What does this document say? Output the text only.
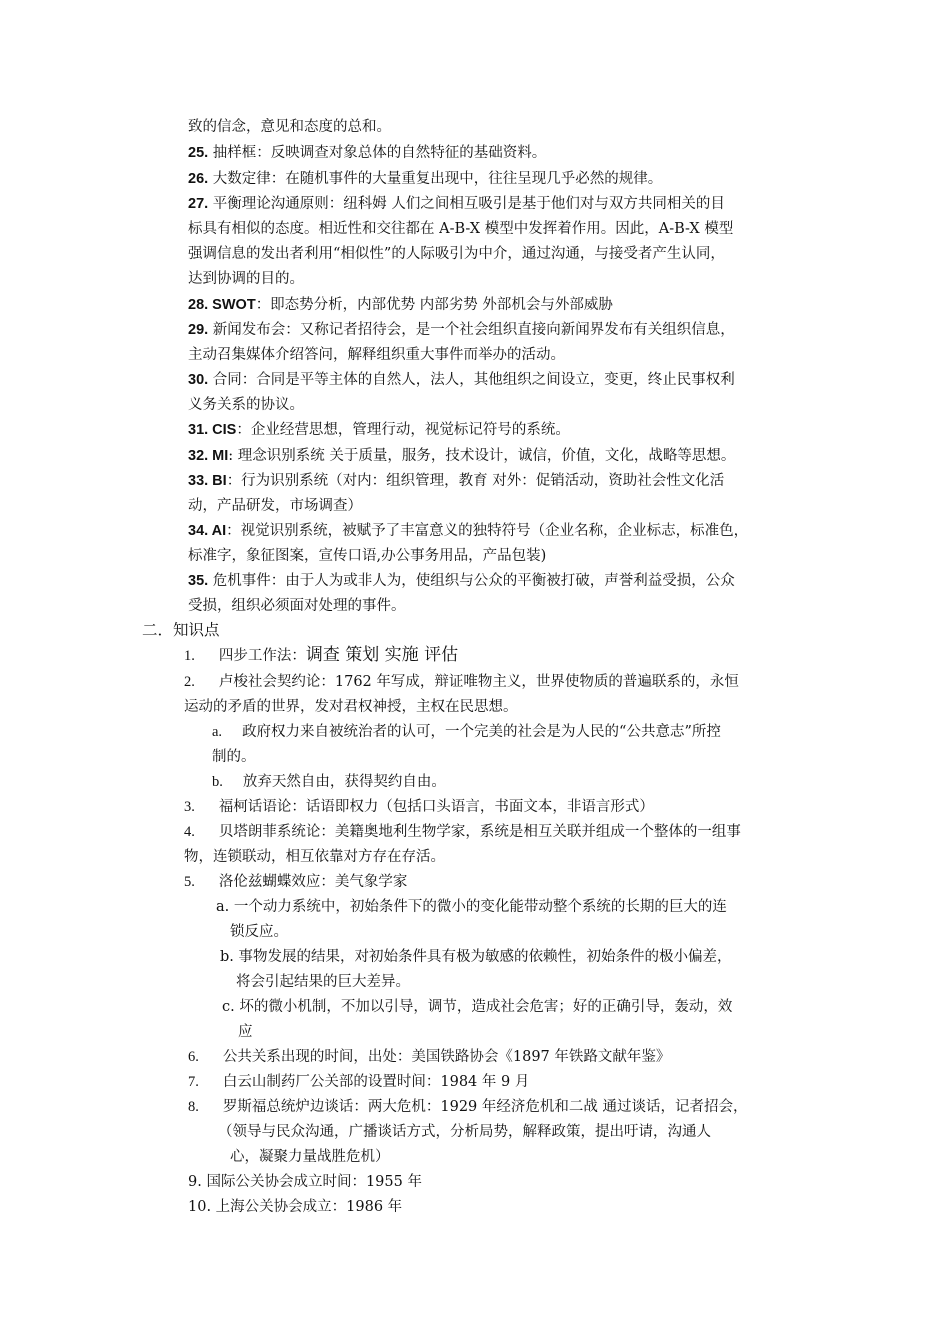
致的信念，意见和态度的总和。
25. 抽样框：反映调查对象总体的自然特征的基础资料。
26. 大数定律：在随机事件的大量重复出现中，往往呈现几乎必然的规律。
27. 平衡理论沟通原则：纽科姆 人们之间相互吸引是基于他们对与双方共同相关的目
标具有相似的态度。相近性和交往都在 A-B-X 模型中发挥着作用。因此，A-B-X 模型
强调信息的发出者利用“相似性”的人际吸引为中介，通过沟通，与接受者产生认同，
达到协调的目的。
28. SWOT：即态势分析，内部优势 内部劣势 外部机会与外部威胁
29. 新闻发布会：又称记者招待会，是一个社会组织直接向新闻界发布有关组织信息，
主动召集媒体介绍答问，解释组织重大事件而举办的活动。
30. 合同：合同是平等主体的自然人，法人，其他组织之间设立，变更，终止民事权利
义务关系的协议。
31. CIS：企业经营思想，管理行动，视觉标记符号的系统。
32. MI: 理念识别系统 关于质量，服务，技术设计，诚信，价值，文化，战略等思想。
33. BI：行为识别系统（对内：组织管理，教育 对外：促销活动，资助社会性文化活
动，产品研发，市场调查）
34. AI：视觉识别系统，被赋予了丰富意义的独特符号（企业名称，企业标志，标准色，
标准字，象征图案，宣传口语,办公事务用品，产品包装)
35. 危机事件：由于人为或非人为，使组织与公众的平衡被打破，声誉利益受损，公众
受损，组织必须面对处理的事件。
二．知识点
1. 四步工作法：调查 策划 实施 评估
2. 卢梭社会契约论：1762 年写成，辩证唯物主义，世界使物质的普遍联系的，永恒
运动的矛盾的世界，发对君权神授，主权在民思想。
a. 政府权力来自被统治者的认可，一个完美的社会是为人民的“公共意志”所控
制的。
b. 放弃天然自由，获得契约自由。
3. 福柯话语论：话语即权力（包括口头语言，书面文本，非语言形式）
4. 贝塔朗菲系统论：美籍奥地利生物学家，系统是相互关联并组成一个整体的一组事
物，连锁联动，相互依靠对方存在存活。
5. 洛伦兹蝴蝶效应：美气象学家
a. 一个动力系统中，初始条件下的微小的变化能带动整个系统的长期的巨大的连
锁反应。
b. 事物发展的结果，对初始条件具有极为敏感的依赖性，初始条件的极小偏差，
将会引起结果的巨大差异。
c. 坏的微小机制，不加以引导，调节，造成社会危害；好的正确引导，轰动，效
应
6. 公共关系出现的时间，出处：美国铁路协会《1897 年铁路文献年鉴》
7. 白云山制药厂公关部的设置时间：1984 年 9 月
8. 罗斯福总统炉边谈话：两大危机：1929 年经济危机和二战 通过谈话，记者招会，
（领导与民众沟通，广播谈话方式，分析局势，解释政策，提出吁请，沟通人
心，凝聚力量战胜危机）
9. 国际公关协会成立时间：1955 年
10. 上海公关协会成立：1986 年
